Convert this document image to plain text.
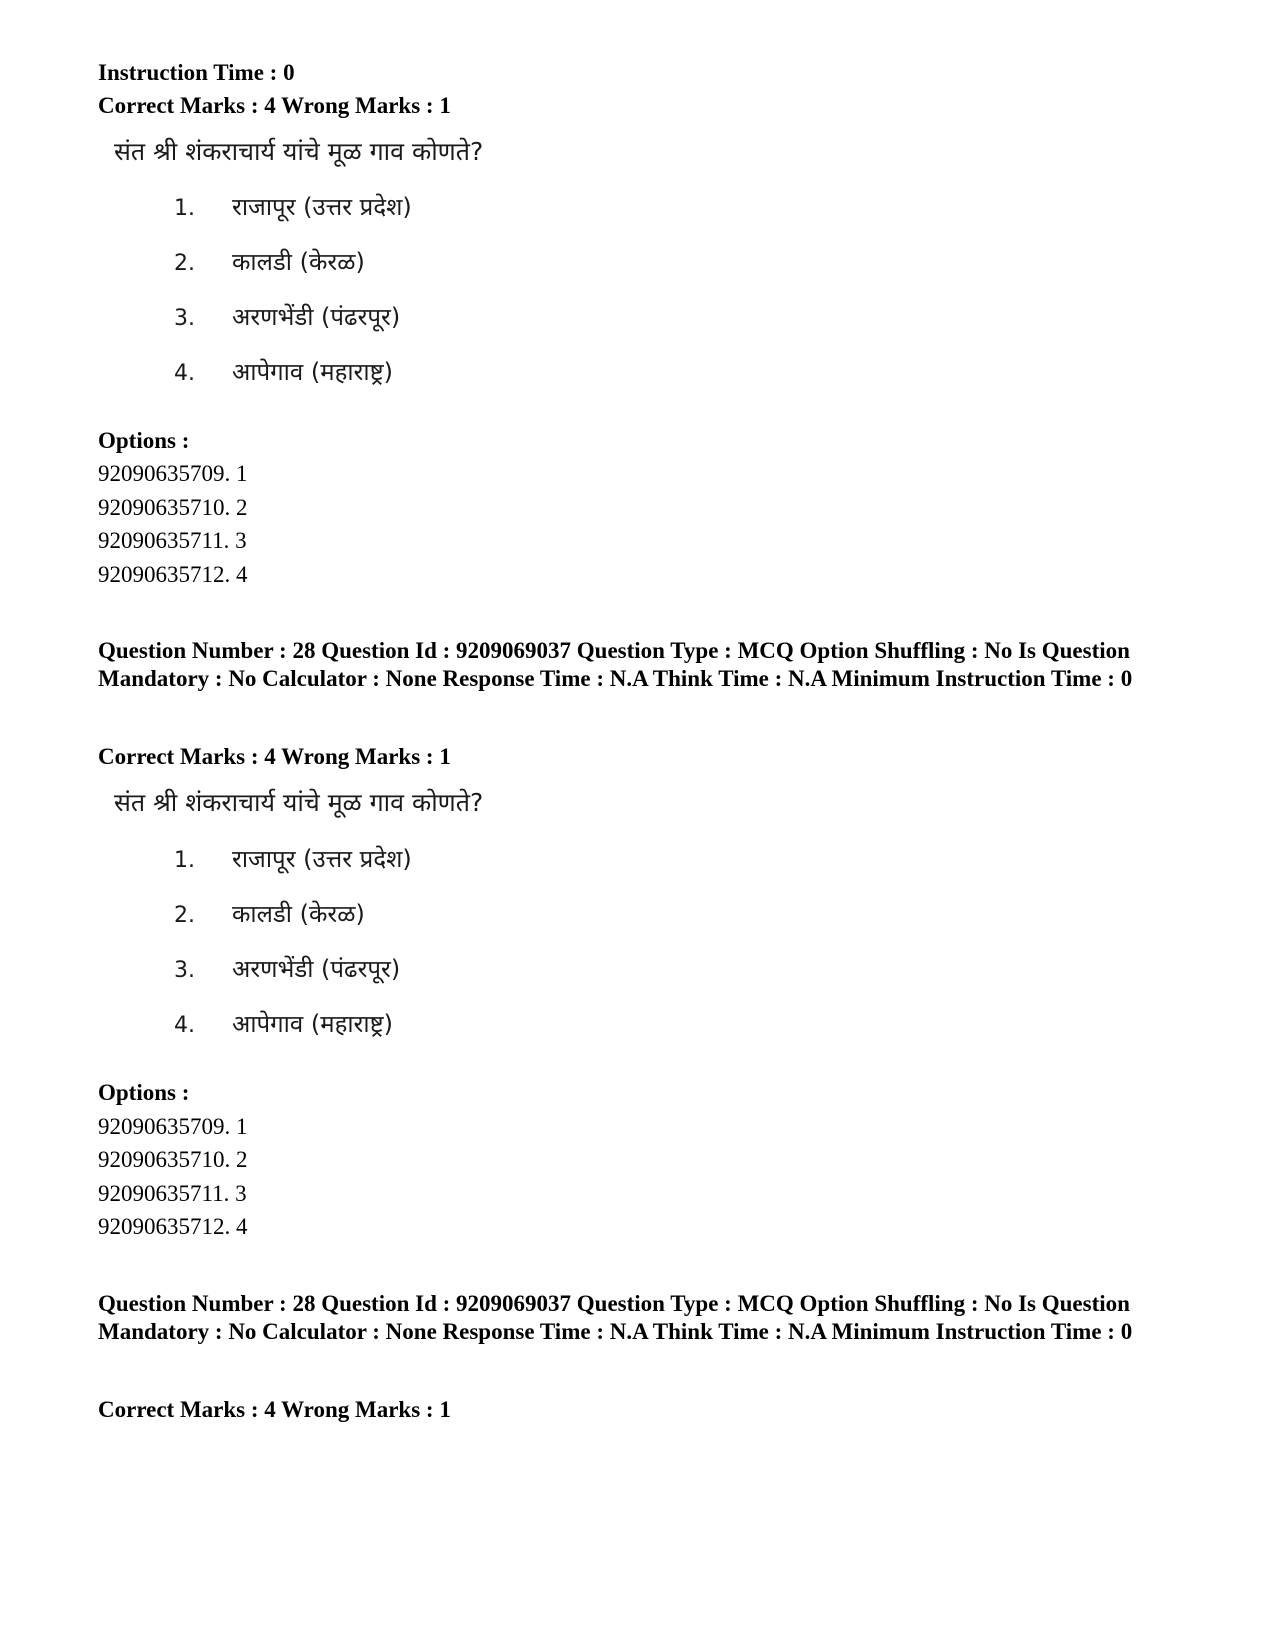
Instruction Time : 0
Correct Marks : 4 Wrong Marks : 1
संत श्री शंकराचार्य यांचे मूळ गाव कोणते?
1. राजापूर (उत्तर प्रदेश)
2. कालडी (केरळ)
3. अरणभेंडी (पंढरपूर)
4. आपेगाव (महाराष्ट्र)
Options :
92090635709. 1
92090635710. 2
92090635711. 3
92090635712. 4
Question Number : 28 Question Id : 9209069037 Question Type : MCQ Option Shuffling : No Is Question Mandatory : No Calculator : None Response Time : N.A Think Time : N.A Minimum Instruction Time : 0
Correct Marks : 4 Wrong Marks : 1
संत श्री शंकराचार्य यांचे मूळ गाव कोणते?
1. राजापूर (उत्तर प्रदेश)
2. कालडी (केरळ)
3. अरणभेंडी (पंढरपूर)
4. आपेगाव (महाराष्ट्र)
Options :
92090635709. 1
92090635710. 2
92090635711. 3
92090635712. 4
Question Number : 28 Question Id : 9209069037 Question Type : MCQ Option Shuffling : No Is Question Mandatory : No Calculator : None Response Time : N.A Think Time : N.A Minimum Instruction Time : 0
Correct Marks : 4 Wrong Marks : 1
